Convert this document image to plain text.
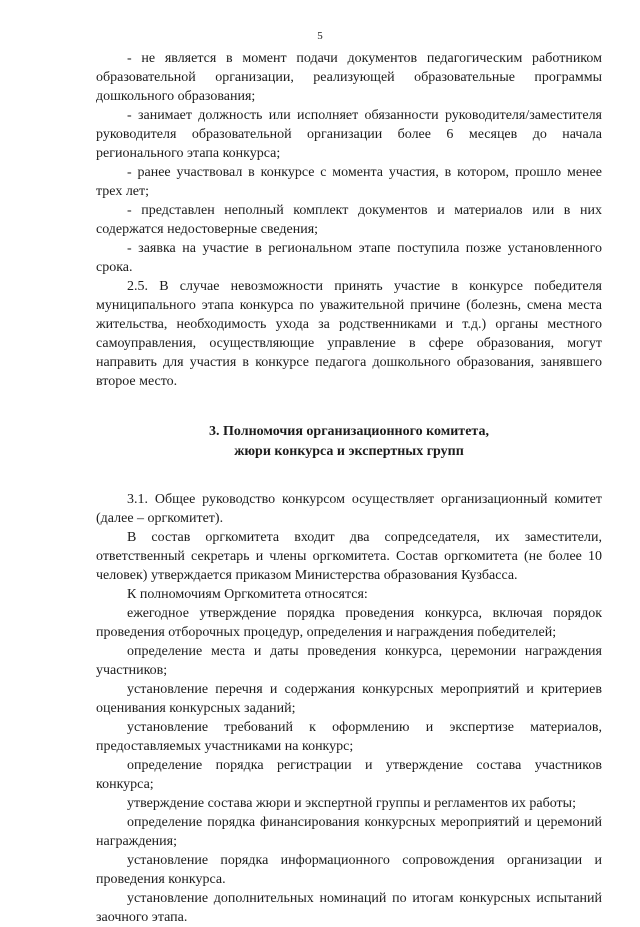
5

- не является в момент подачи документов педагогическим работником образовательной организации, реализующей образовательные программы дошкольного образования;

- занимает должность или исполняет обязанности руководителя/заместителя руководителя образовательной организации более 6 месяцев до начала регионального этапа конкурса;

- ранее участвовал в конкурсе с момента участия, в котором, прошло менее трех лет;

- представлен неполный комплект документов и материалов или в них содержатся недостоверные сведения;

- заявка на участие в региональном этапе поступила позже установленного срока.

2.5. В случае невозможности принять участие в конкурсе победителя муниципального этапа конкурса по уважительной причине (болезнь, смена места жительства, необходимость ухода за родственниками и т.д.) органы местного самоуправления, осуществляющие управление в сфере образования, могут направить для участия в конкурсе педагога дошкольного образования, занявшего второе место.

3. Полномочия организационного комитета,
жюри конкурса и экспертных групп

3.1. Общее руководство конкурсом осуществляет организационный комитет (далее – оргкомитет).

В состав оргкомитета входит два сопредседателя, их заместители, ответственный секретарь и члены оргкомитета. Состав оргкомитета (не более 10 человек) утверждается приказом Министерства образования Кузбасса.

К полномочиям Оргкомитета относятся:

ежегодное утверждение порядка проведения конкурса, включая порядок проведения отборочных процедур, определения и награждения победителей;

определение места и даты проведения конкурса, церемонии награждения участников;

установление перечня и содержания конкурсных мероприятий и критериев оценивания конкурсных заданий;

установление требований к оформлению и экспертизе материалов, предоставляемых участниками на конкурс;

определение порядка регистрации и утверждение состава участников конкурса;

утверждение состава жюри и экспертной группы и регламентов их работы;

определение порядка финансирования конкурсных мероприятий и церемоний награждения;

установление порядка информационного сопровождения организации и проведения конкурса.

установление дополнительных номинаций по итогам конкурсных испытаний заочного этапа.
